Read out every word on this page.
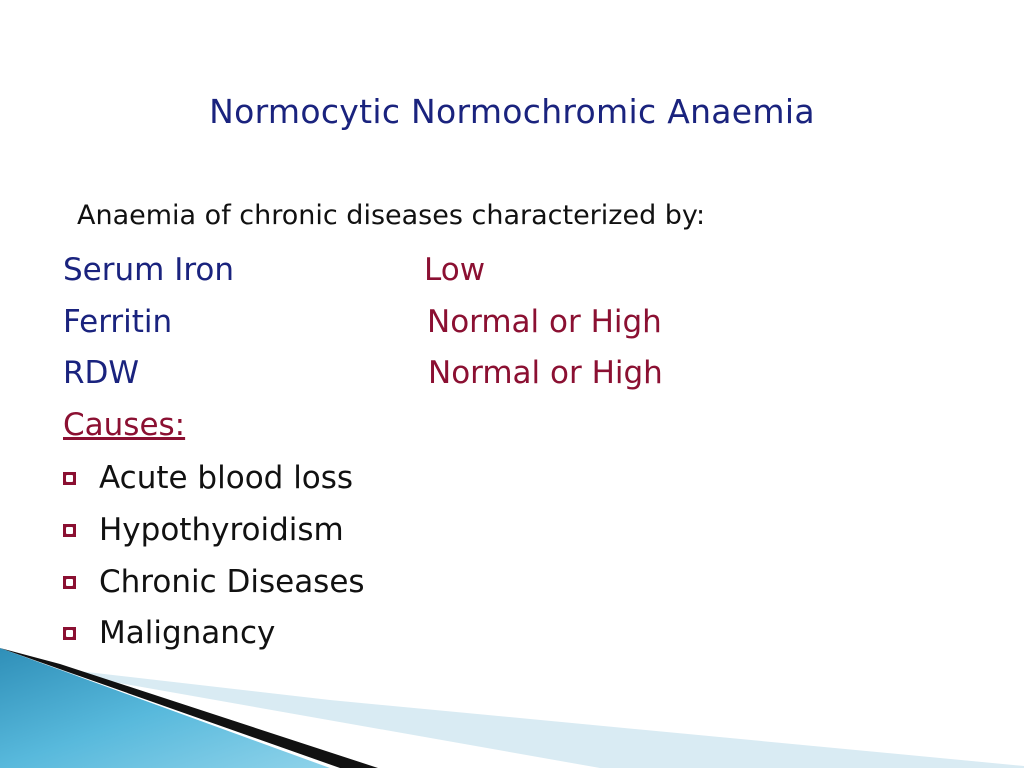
Normocytic Normochromic Anaemia
Anaemia of chronic diseases characterized by:
Serum Iron	Low
Ferritin	Normal or High
RDW	Normal or High
Causes:
Acute blood loss
Hypothyroidism
Chronic Diseases
Malignancy
